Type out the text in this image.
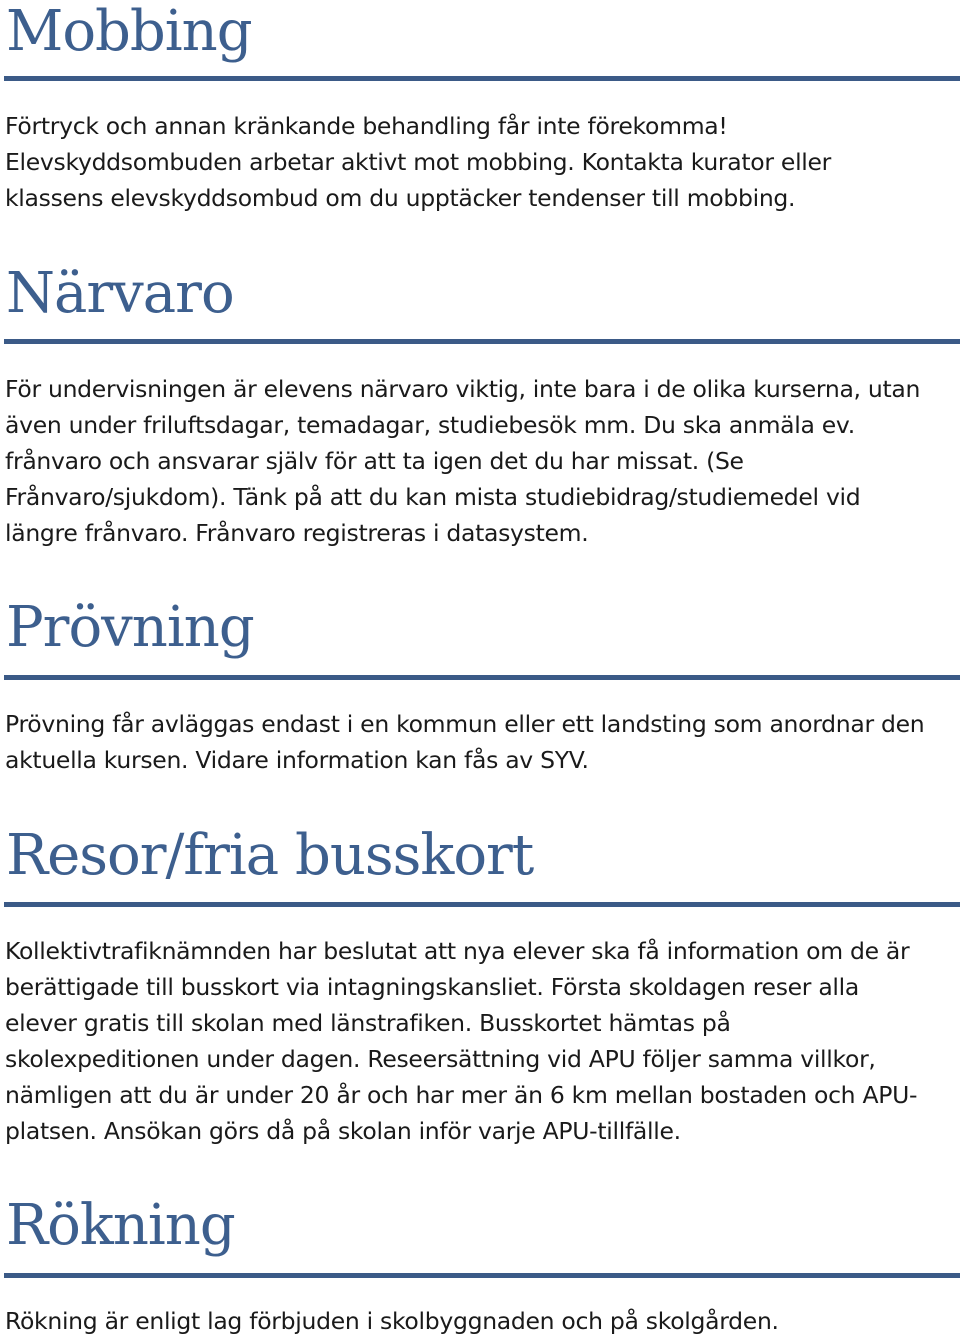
Mobbing

Förtryck och annan kränkande behandling får inte förekomma!
Elevskyddsombuden arbetar aktivt mot mobbing. Kontakta kurator eller
klassens elevskyddsombud om du upptäcker tendenser till mobbing.

Närvaro

För undervisningen är elevens närvaro viktig, inte bara i de olika kurserna, utan
även under friluftsdagar, temadagar, studiebesök mm. Du ska anmäla ev.
frånvaro och ansvarar själv för att ta igen det du har missat. (Se
Frånvaro/sjukdom). Tänk på att du kan mista studiebidrag/studiemedel vid
längre frånvaro. Frånvaro registreras i datasystem.

Prövning

Prövning får avläggas endast i en kommun eller ett landsting som anordnar den
aktuella kursen. Vidare information kan fås av SYV.

Resor/fria busskort

Kollektivtrafiknämnden har beslutat att nya elever ska få information om de är
berättigade till busskort via intagningskansliet. Första skoldagen reser alla
elever gratis till skolan med länstrafiken. Busskortet hämtas på
skolexpeditionen under dagen. Reseersättning vid APU följer samma villkor,
nämligen att du är under 20 år och har mer än 6 km mellan bostaden och APU-
platsen. Ansökan görs då på skolan inför varje APU-tillfälle.

Rökning

Rökning är enligt lag förbjuden i skolbyggnaden och på skolgården.
